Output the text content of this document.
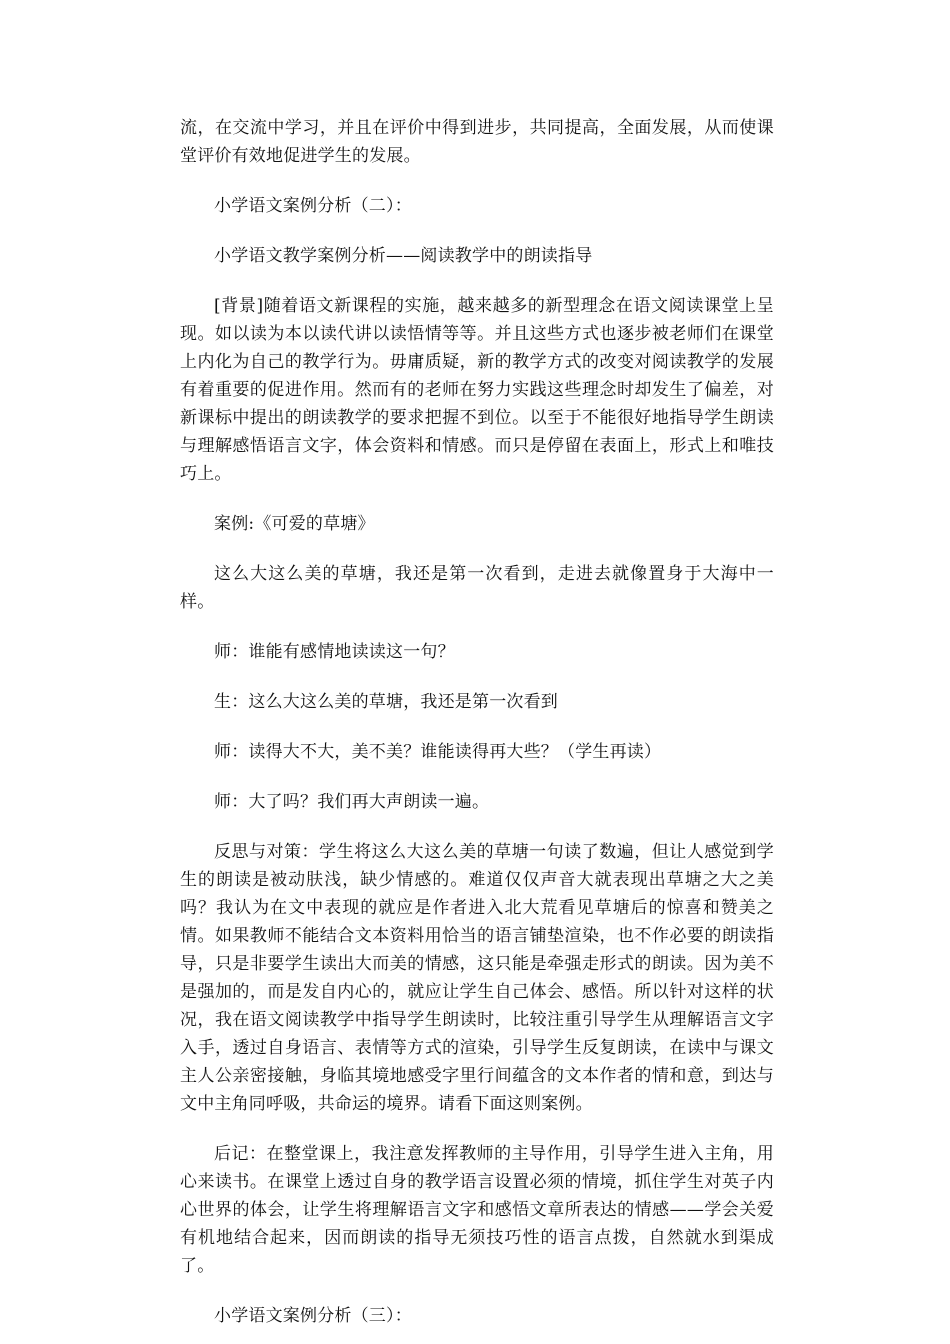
流，在交流中学习，并且在评价中得到进步，共同提高，全面发展，从而使课堂评价有效地促进学生的发展。

小学语文案例分析（二）：

小学语文教学案例分析——阅读教学中的朗读指导

[背景]随着语文新课程的实施，越来越多的新型理念在语文阅读课堂上呈现。如以读为本以读代讲以读悟情等等。并且这些方式也逐步被老师们在课堂上内化为自己的教学行为。毋庸质疑，新的教学方式的改变对阅读教学的发展有着重要的促进作用。然而有的老师在努力实践这些理念时却发生了偏差，对新课标中提出的朗读教学的要求把握不到位。以至于不能很好地指导学生朗读与理解感悟语言文字，体会资料和情感。而只是停留在表面上，形式上和唯技巧上。

案例:《可爱的草塘》

这么大这么美的草塘，我还是第一次看到，走进去就像置身于大海中一样。

师：谁能有感情地读读这一句？

生：这么大这么美的草塘，我还是第一次看到

师：读得大不大，美不美？谁能读得再大些？（学生再读）

师：大了吗？我们再大声朗读一遍。

反思与对策：学生将这么大这么美的草塘一句读了数遍，但让人感觉到学生的朗读是被动肤浅，缺少情感的。难道仅仅声音大就表现出草塘之大之美吗？我认为在文中表现的就应是作者进入北大荒看见草塘后的惊喜和赞美之情。如果教师不能结合文本资料用恰当的语言铺垫渲染，也不作必要的朗读指导，只是非要学生读出大而美的情感，这只能是牵强走形式的朗读。因为美不是强加的，而是发自内心的，就应让学生自己体会、感悟。所以针对这样的状况，我在语文阅读教学中指导学生朗读时，比较注重引导学生从理解语言文字入手，透过自身语言、表情等方式的渲染，引导学生反复朗读，在读中与课文主人公亲密接触，身临其境地感受字里行间蕴含的文本作者的情和意，到达与文中主角同呼吸，共命运的境界。请看下面这则案例。

后记：在整堂课上，我注意发挥教师的主导作用，引导学生进入主角，用心来读书。在课堂上透过自身的教学语言设置必须的情境，抓住学生对英子内心世界的体会，让学生将理解语言文字和感悟文章所表达的情感——学会关爱有机地结合起来，因而朗读的指导无须技巧性的语言点拨，自然就水到渠成了。

小学语文案例分析（三）：
